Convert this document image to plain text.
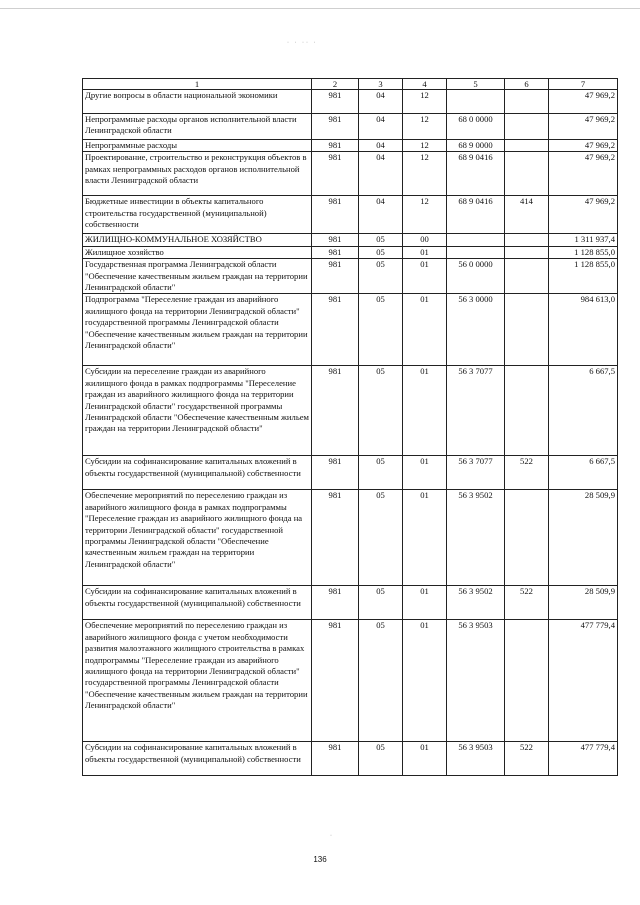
· · ·· ·
1	2	3	4	5	6	7
Другие вопросы в области национальной экономики	981	04	12			47 969,2
Непрограммные расходы органов исполнительной власти Ленинградской области	981	04	12	68 0 0000		47 969,2
Непрограммные расходы	981	04	12	68 9 0000		47 969,2
Проектирование, строительство и реконструкция объектов в рамках непрограммных расходов органов исполнительной власти Ленинградской области	981	04	12	68 9 0416		47 969,2
Бюджетные инвестиции в объекты капитального строительства государственной (муниципальной) собственности	981	04	12	68 9 0416	414	47 969,2
ЖИЛИЩНО-КОММУНАЛЬНОЕ ХОЗЯЙСТВО	981	05	00			1 311 937,4
Жилищное хозяйство	981	05	01			1 128 855,0
Государственная программа Ленинградской области "Обеспечение качественным жильем граждан на территории Ленинградской области"	981	05	01	56 0 0000		1 128 855,0
Подпрограмма "Переселение граждан из аварийного жилищного фонда на территории Ленинградской области" государственной программы Ленинградской области "Обеспечение качественным жильем граждан на территории Ленинградской области"	981	05	01	56 3 0000		984 613,0
Субсидии на переселение граждан из аварийного жилищного фонда в рамках подпрограммы "Переселение граждан из аварийного жилищного фонда на территории Ленинградской области" государственной программы Ленинградской области "Обеспечение качественным жильем граждан на территории Ленинградской области"	981	05	01	56 3 7077		6 667,5
Субсидии на софинансирование капитальных вложений в объекты государственной (муниципальной) собственности	981	05	01	56 3 7077	522	6 667,5
Обеспечение мероприятий по переселению граждан из аварийного жилищного фонда в рамках подпрограммы "Переселение граждан из аварийного жилищного фонда на территории Ленинградской области" государственной программы Ленинградской области "Обеспечение качественным жильем граждан на территории Ленинградской области"	981	05	01	56 3 9502		28 509,9
Субсидии на софинансирование капитальных вложений в объекты государственной (муниципальной) собственности	981	05	01	56 3 9502	522	28 509,9
Обеспечение мероприятий по переселению граждан из аварийного жилищного фонда с учетом необходимости развития малоэтажного жилищного строительства в рамках подпрограммы "Переселение граждан из аварийного жилищного фонда на территории Ленинградской области" государственной программы Ленинградской области "Обеспечение качественным жильем граждан на территории Ленинградской области"	981	05	01	56 3 9503		477 779,4
Субсидии на софинансирование капитальных вложений в объекты государственной (муниципальной) собственности	981	05	01	56 3 9503	522	477 779,4
·
136
